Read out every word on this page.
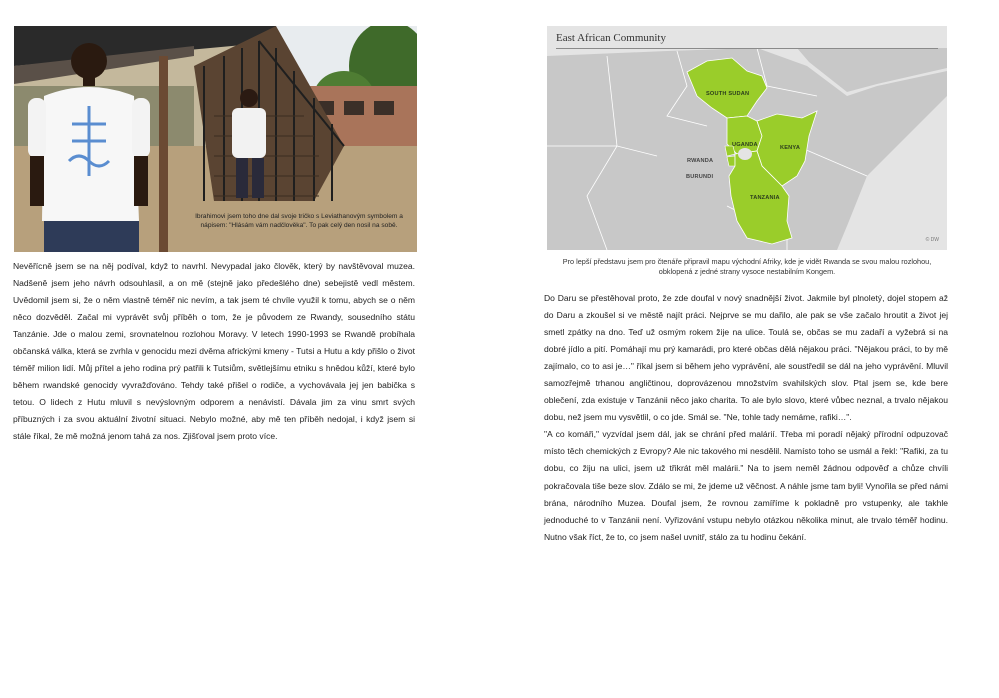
Ibrahimovi jsem toho dne dal svoje tričko s Leviathanovým symbolem a nápisem: "Hlásám vám nadčlověka". To pak celý den nosil na sobě.

Nevěřícně jsem se na něj podíval, když to navrhl. Nevypadal jako člověk, který by navštěvoval muzea. Nadšeně jsem jeho návrh odsouhlasil, a on mě (stejně jako předešlého dne) sebejistě vedl městem. Uvědomil jsem si, že o něm vlastně téměř nic nevím, a tak jsem té chvíle využil k tomu, abych se o něm něco dozvěděl. Začal mi vyprávět svůj příběh o tom, že je původem ze Rwandy, sousedního státu Tanzánie. Jde o malou zemi, srovnatelnou rozlohou Moravy. V letech 1990-1993 se Rwandě probíhala občanská válka, která se zvrhla v genocidu mezi dvěma africkými kmeny - Tutsi a Hutu a kdy přišlo o život téměř milion lidí. Můj přítel a jeho rodina prý patřili k Tutsiům, světlejšímu etniku s hnědou kůží, které bylo během rwandské genocidy vyvražďováno. Tehdy také přišel o rodiče, a vychovávala jej jen babička s tetou. O lidech z Hutu mluvil s nevýslovným odporem a nenávistí. Dávala jim za vinu smrt svých příbuzných i za svou aktuální životní situaci. Nebylo možné, aby mě ten příběh nedojal, i když jsem si stále říkal, že mě možná jenom tahá za nos. Zjišťoval jsem proto více.

East African Community
SOUTH SUDAN
UGANDA	KENYA
RWANDA
BURUNDI
TANZANIA
© DW
Pro lepší představu jsem pro čtenáře připravil mapu východní Afriky, kde je vidět Rwanda se svou malou rozlohou, obklopená z jedné strany vysoce nestabilním Kongem.

Do Daru se přestěhoval proto, že zde doufal v nový snadnější život. Jakmile byl plnoletý, dojel stopem až do Daru a zkoušel si ve městě najít práci. Nejprve se mu dařilo, ale pak se vše začalo hroutit a život jej smetl zpátky na dno. Teď už osmým rokem žije na ulice. Toulá se, občas se mu zadaří a vyžebrá si na dobré jídlo a pití. Pomáhají mu prý kamarádi, pro které občas dělá nějakou práci. "Nějakou práci, to by mě zajímalo, co to asi je…" říkal jsem si během jeho vyprávění, ale soustředil se dál na jeho vyprávění. Mluvil samozřejmě trhanou angličtinou, doprovázenou množstvím svahilských slov. Ptal jsem se, kde bere oblečení, zda existuje v Tanzánii něco jako charita. To ale bylo slovo, které vůbec neznal, a trvalo nějakou dobu, než jsem mu vysvětlil, o co jde. Smál se. "Ne, tohle tady nemáme, rafiki…".

"A co komáři," vyzvídal jsem dál, jak se chrání před malárií. Třeba mi poradí nějaký přírodní odpuzovač místo těch chemických z Evropy? Ale nic takového mi nesdělil. Namísto toho se usmál a řekl: "Rafiki, za tu dobu, co žiju na ulici, jsem už třikrát měl malárii." Na to jsem neměl žádnou odpověď a chůze chvíli pokračovala tiše beze slov. Zdálo se mi, že jdeme už věčnost. A náhle jsme tam byli! Vynořila se před námi brána, národního Muzea. Doufal jsem, že rovnou zamíříme k pokladně pro vstupenky, ale takhle jednoduché to v Tanzánii není. Vyřizování vstupu nebylo otázkou několika minut, ale trvalo téměř hodinu. Nutno však říct, že to, co jsem našel uvnitř, stálo za tu hodinu čekání.
